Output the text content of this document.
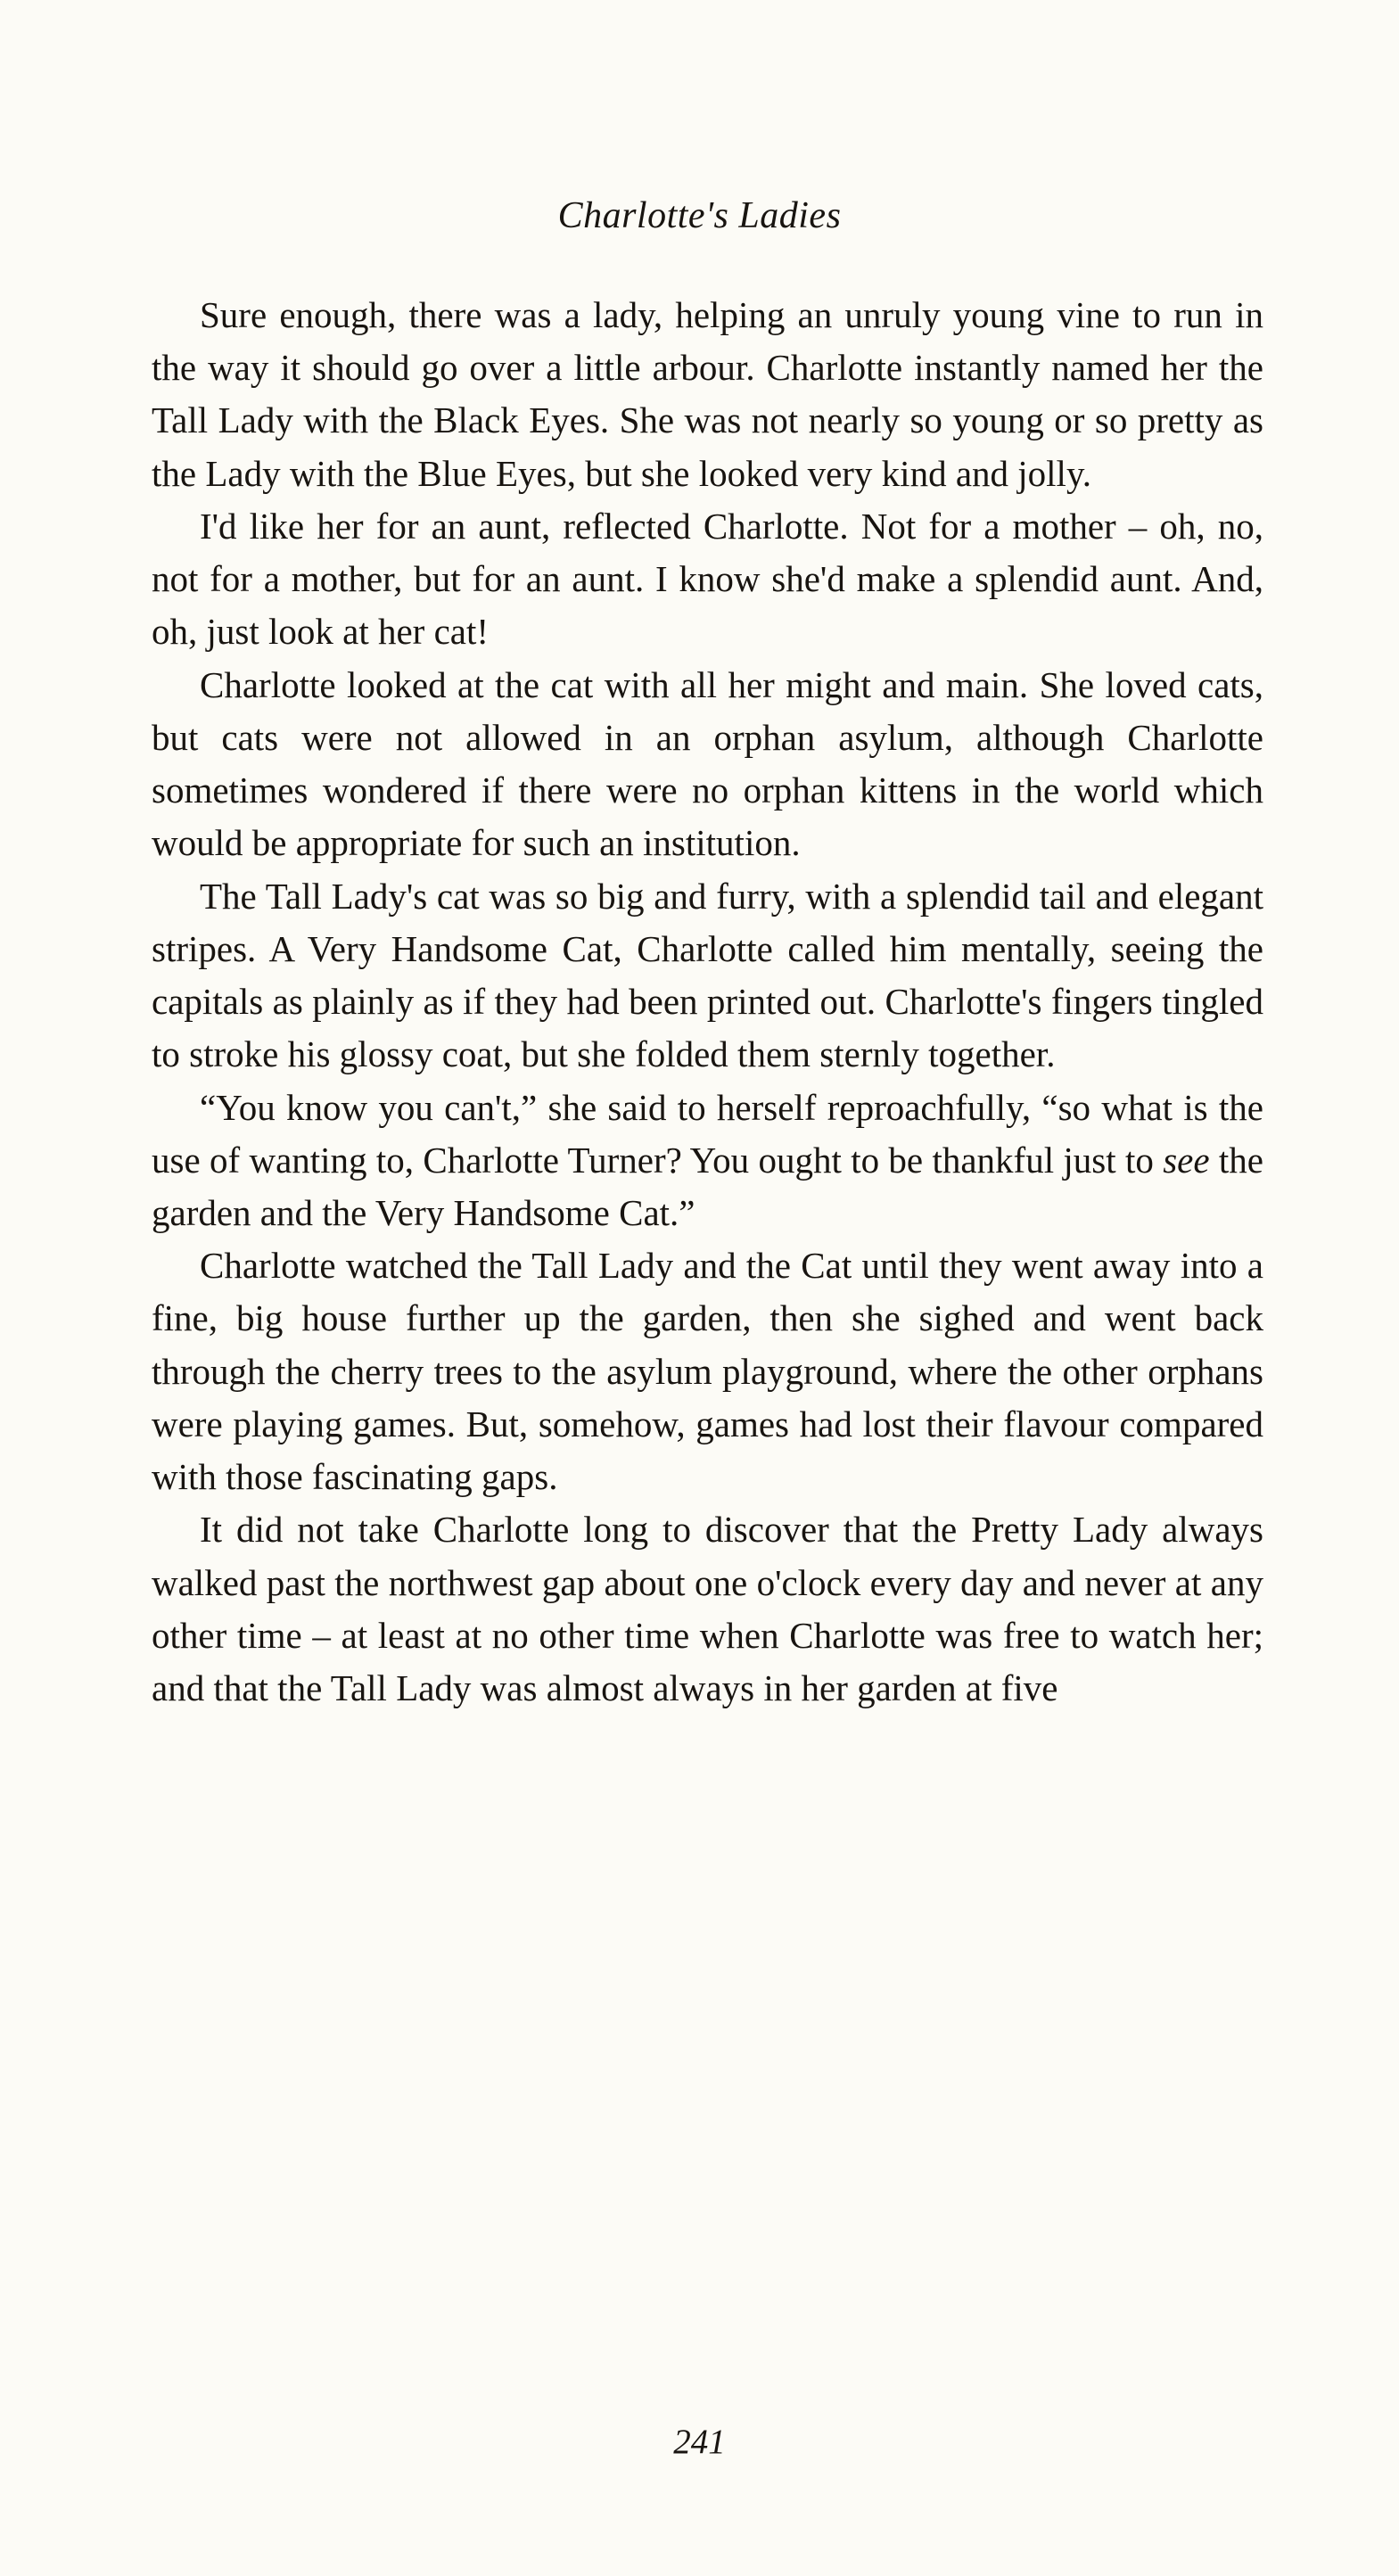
Charlotte's Ladies

Sure enough, there was a lady, helping an unruly young vine to run in the way it should go over a little arbour. Charlotte instantly named her the Tall Lady with the Black Eyes. She was not nearly so young or so pretty as the Lady with the Blue Eyes, but she looked very kind and jolly.

I'd like her for an aunt, reflected Charlotte. Not for a mother – oh, no, not for a mother, but for an aunt. I know she'd make a splendid aunt. And, oh, just look at her cat!

Charlotte looked at the cat with all her might and main. She loved cats, but cats were not allowed in an orphan asylum, although Charlotte sometimes wondered if there were no orphan kittens in the world which would be appropriate for such an institution.

The Tall Lady's cat was so big and furry, with a splendid tail and elegant stripes. A Very Handsome Cat, Charlotte called him mentally, seeing the capitals as plainly as if they had been printed out. Charlotte's fingers tingled to stroke his glossy coat, but she folded them sternly together.

“You know you can't,” she said to herself reproachfully, “so what is the use of wanting to, Charlotte Turner? You ought to be thankful just to see the garden and the Very Handsome Cat.”

Charlotte watched the Tall Lady and the Cat until they went away into a fine, big house further up the garden, then she sighed and went back through the cherry trees to the asylum playground, where the other orphans were playing games. But, somehow, games had lost their flavour compared with those fascinating gaps.

It did not take Charlotte long to discover that the Pretty Lady always walked past the northwest gap about one o'clock every day and never at any other time – at least at no other time when Charlotte was free to watch her; and that the Tall Lady was almost always in her garden at five

241
